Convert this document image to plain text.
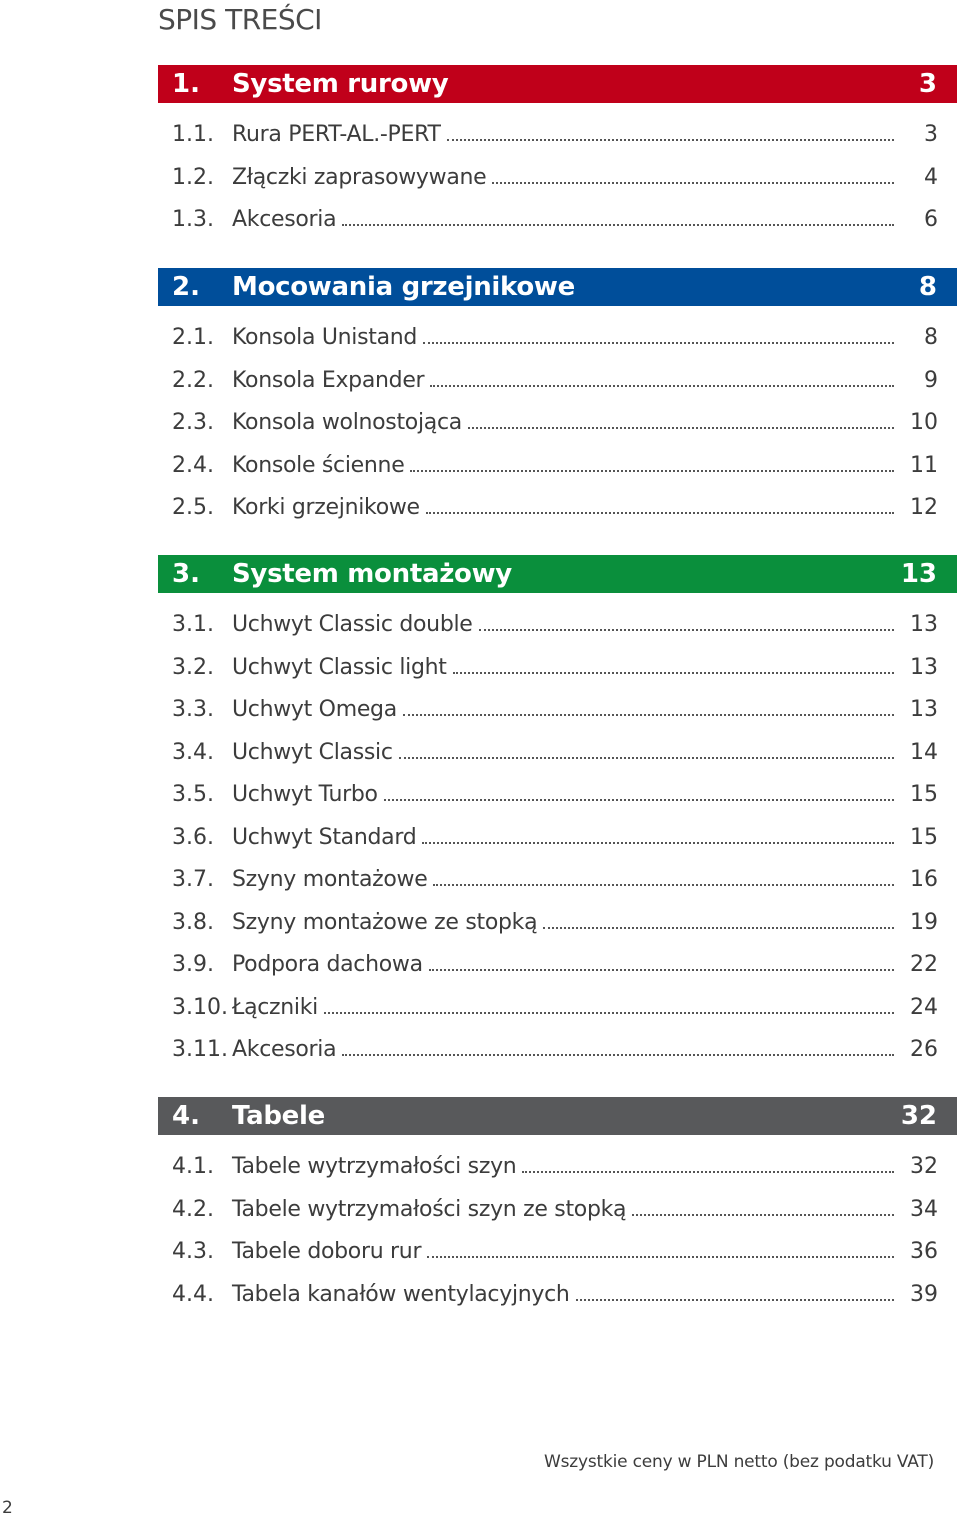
SPIS TREŚCI
1. System rurowy	3
1.1. Rura PERT-AL.-PERT	3
1.2. Złączki zaprasowywane	4
1.3. Akcesoria	6
2. Mocowania grzejnikowe	8
2.1. Konsola Unistand	8
2.2. Konsola Expander	9
2.3. Konsola wolnostojąca	10
2.4. Konsole ścienne	11
2.5. Korki grzejnikowe	12
3. System montażowy	13
3.1. Uchwyt Classic double	13
3.2. Uchwyt Classic light	13
3.3. Uchwyt Omega	13
3.4. Uchwyt Classic	14
3.5. Uchwyt Turbo	15
3.6. Uchwyt Standard	15
3.7. Szyny montażowe	16
3.8. Szyny montażowe ze stopką	19
3.9. Podpora dachowa	22
3.10. Łączniki	24
3.11. Akcesoria	26
4. Tabele	32
4.1. Tabele wytrzymałości szyn	32
4.2. Tabele wytrzymałości szyn ze stopką	34
4.3. Tabele doboru rur	36
4.4. Tabela kanałów wentylacyjnych	39
Wszystkie ceny w PLN netto (bez podatku VAT)
2
